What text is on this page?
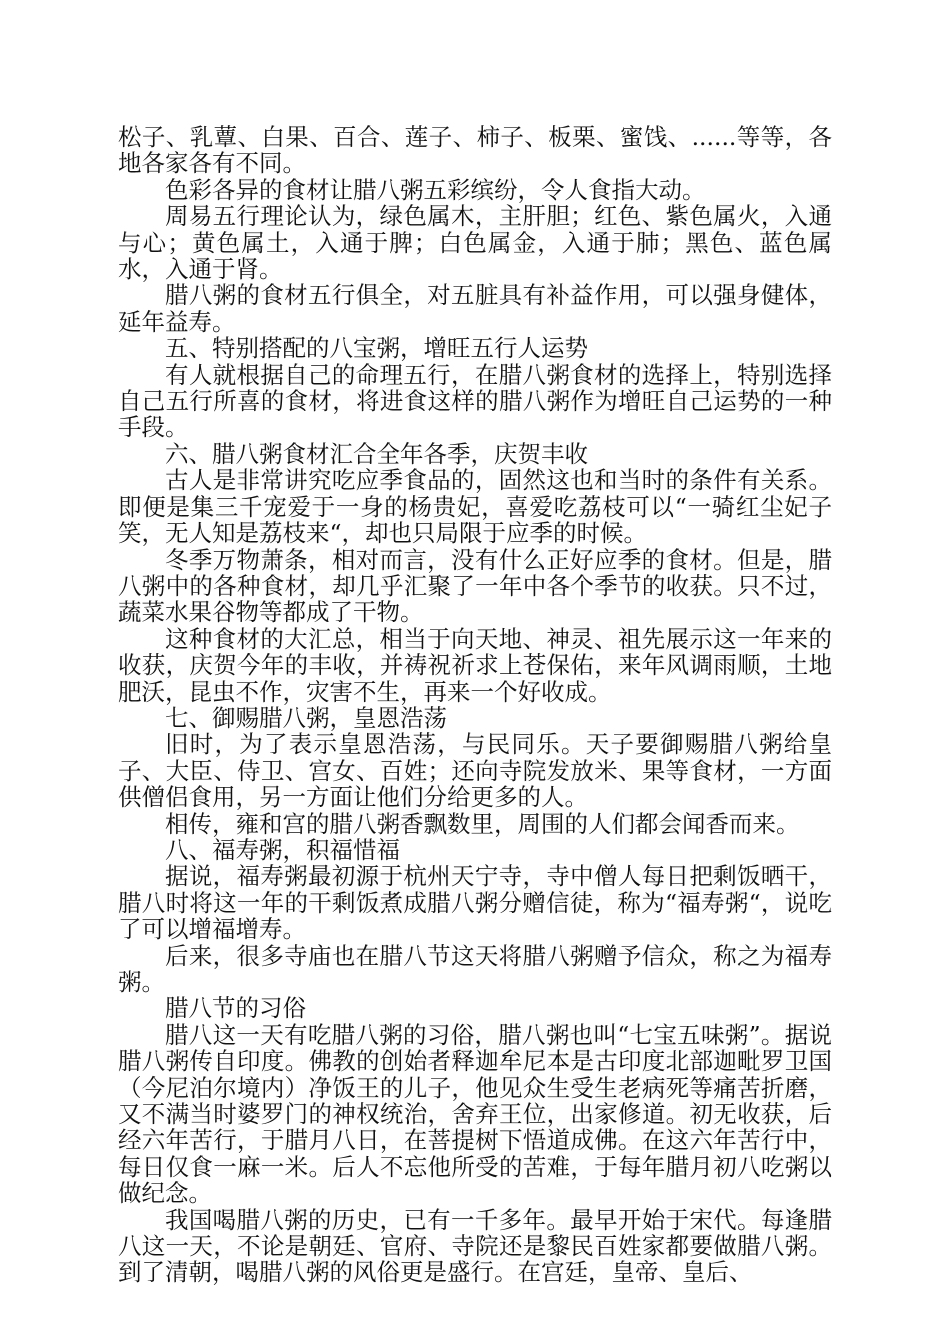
松子、乳蕈、白果、百合、莲子、柿子、板栗、蜜饯、......等等，各地各家各有不同。

色彩各异的食材让腊八粥五彩缤纷，令人食指大动。

周易五行理论认为，绿色属木，主肝胆；红色、紫色属火，入通与心；黄色属土，入通于脾；白色属金，入通于肺；黑色、蓝色属水，入通于肾。

腊八粥的食材五行俱全，对五脏具有补益作用，可以强身健体，延年益寿。

五、特别搭配的八宝粥，增旺五行人运势

有人就根据自己的命理五行，在腊八粥食材的选择上，特别选择自己五行所喜的食材，将进食这样的腊八粥作为增旺自己运势的一种手段。

六、腊八粥食材汇合全年各季，庆贺丰收

古人是非常讲究吃应季食品的，固然这也和当时的条件有关系。即便是集三千宠爱于一身的杨贵妃，喜爱吃荔枝可以“一骑红尘妃子笑，无人知是荔枝来“，却也只局限于应季的时候。

冬季万物萧条，相对而言，没有什么正好应季的食材。但是，腊八粥中的各种食材，却几乎汇聚了一年中各个季节的收获。只不过，蔬菜水果谷物等都成了干物。

这种食材的大汇总，相当于向天地、神灵、祖先展示这一年来的收获，庆贺今年的丰收，并祷祝祈求上苍保佑，来年风调雨顺，土地肥沃，昆虫不作，灾害不生，再来一个好收成。

七、御赐腊八粥，皇恩浩荡

旧时，为了表示皇恩浩荡，与民同乐。天子要御赐腊八粥给皇子、大臣、侍卫、宫女、百姓；还向寺院发放米、果等食材，一方面供僧侣食用，另一方面让他们分给更多的人。

相传，雍和宫的腊八粥香飘数里，周围的人们都会闻香而来。

八、福寿粥，积福惜福

据说，福寿粥最初源于杭州天宁寺，寺中僧人每日把剩饭晒干，腊八时将这一年的干剩饭煮成腊八粥分赠信徒，称为“福寿粥“，说吃了可以增福增寿。

后来，很多寺庙也在腊八节这天将腊八粥赠予信众，称之为福寿粥。

腊八节的习俗

腊八这一天有吃腊八粥的习俗，腊八粥也叫“七宝五味粥”。据说腊八粥传自印度。佛教的创始者释迦牟尼本是古印度北部迦毗罗卫国（今尼泊尔境内）净饭王的儿子，他见众生受生老病死等痛苦折磨，又不满当时婆罗门的神权统治，舍弃王位，出家修道。初无收获，后经六年苦行，于腊月八日，在菩提树下悟道成佛。在这六年苦行中，每日仅食一麻一米。后人不忘他所受的苦难，于每年腊月初八吃粥以做纪念。

我国喝腊八粥的历史，已有一千多年。最早开始于宋代。每逢腊八这一天，不论是朝廷、官府、寺院还是黎民百姓家都要做腊八粥。到了清朝，喝腊八粥的风俗更是盛行。在宫廷，皇帝、皇后、
